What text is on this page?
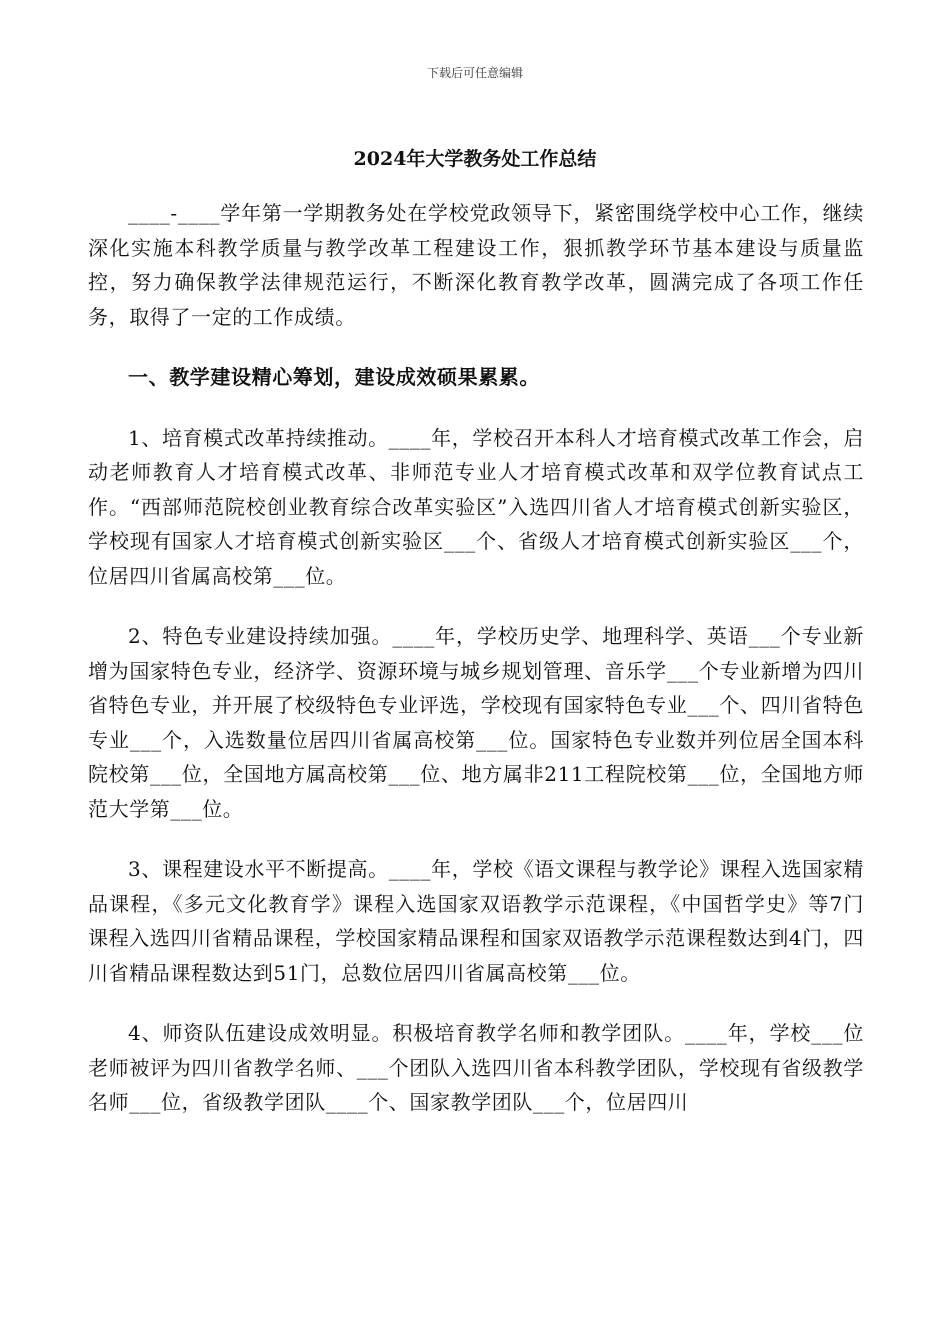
下载后可任意编辑
2024年大学教务处工作总结

____-____学年第一学期教务处在学校党政领导下，紧密围绕学校中心工作，继续深化实施本科教学质量与教学改革工程建设工作，狠抓教学环节基本建设与质量监控，努力确保教学法律规范运行，不断深化教育教学改革，圆满完成了各项工作任务，取得了一定的工作成绩。

一、教学建设精心筹划，建设成效硕果累累。

1、培育模式改革持续推动。____年，学校召开本科人才培育模式改革工作会，启动老师教育人才培育模式改革、非师范专业人才培育模式改革和双学位教育试点工作。“西部师范院校创业教育综合改革实验区”入选四川省人才培育模式创新实验区，学校现有国家人才培育模式创新实验区___个、省级人才培育模式创新实验区___个，位居四川省属高校第___位。

2、特色专业建设持续加强。____年，学校历史学、地理科学、英语___个专业新增为国家特色专业，经济学、资源环境与城乡规划管理、音乐学___个专业新增为四川省特色专业，并开展了校级特色专业评选，学校现有国家特色专业___个、四川省特色专业___个，入选数量位居四川省属高校第___位。国家特色专业数并列位居全国本科院校第___位，全国地方属高校第___位、地方属非211工程院校第___位，全国地方师范大学第___位。

3、课程建设水平不断提高。____年，学校《语文课程与教学论》课程入选国家精品课程，《多元文化教育学》课程入选国家双语教学示范课程，《中国哲学史》等7门课程入选四川省精品课程，学校国家精品课程和国家双语教学示范课程数达到4门，四川省精品课程数达到51门，总数位居四川省属高校第___位。

4、师资队伍建设成效明显。积极培育教学名师和教学团队。____年，学校___位老师被评为四川省教学名师、___个团队入选四川省本科教学团队，学校现有省级教学名师___位，省级教学团队____个、国家教学团队___个，位居四川
